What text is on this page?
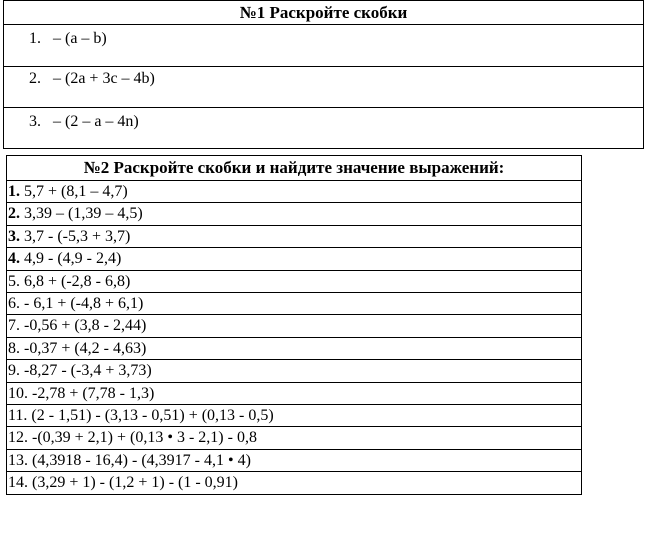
№1 Раскройте скобки
1. – (a – b)
2. – (2a + 3c – 4b)
3. – (2 – a – 4n)
№2 Раскройте скобки и найдите значение выражений:
1. 5,7 + (8,1 – 4,7)
2. 3,39 – (1,39 – 4,5)
3. 3,7 - (-5,3 + 3,7)
4. 4,9 - (4,9 - 2,4)
5. 6,8 + (-2,8 - 6,8)
6. - 6,1 + (-4,8 + 6,1)
7. -0,56 + (3,8 - 2,44)
8. -0,37 + (4,2 - 4,63)
9. -8,27 - (-3,4 + 3,73)
10. -2,78 + (7,78 - 1,3)
11. (2 - 1,51) - (3,13 - 0,51) + (0,13 - 0,5)
12. -(0,39 + 2,1) + (0,13 • 3 - 2,1) - 0,8
13. (4,3918 - 16,4) - (4,3917 - 4,1 • 4)
14. (3,29 + 1) - (1,2 + 1) - (1 - 0,91)
